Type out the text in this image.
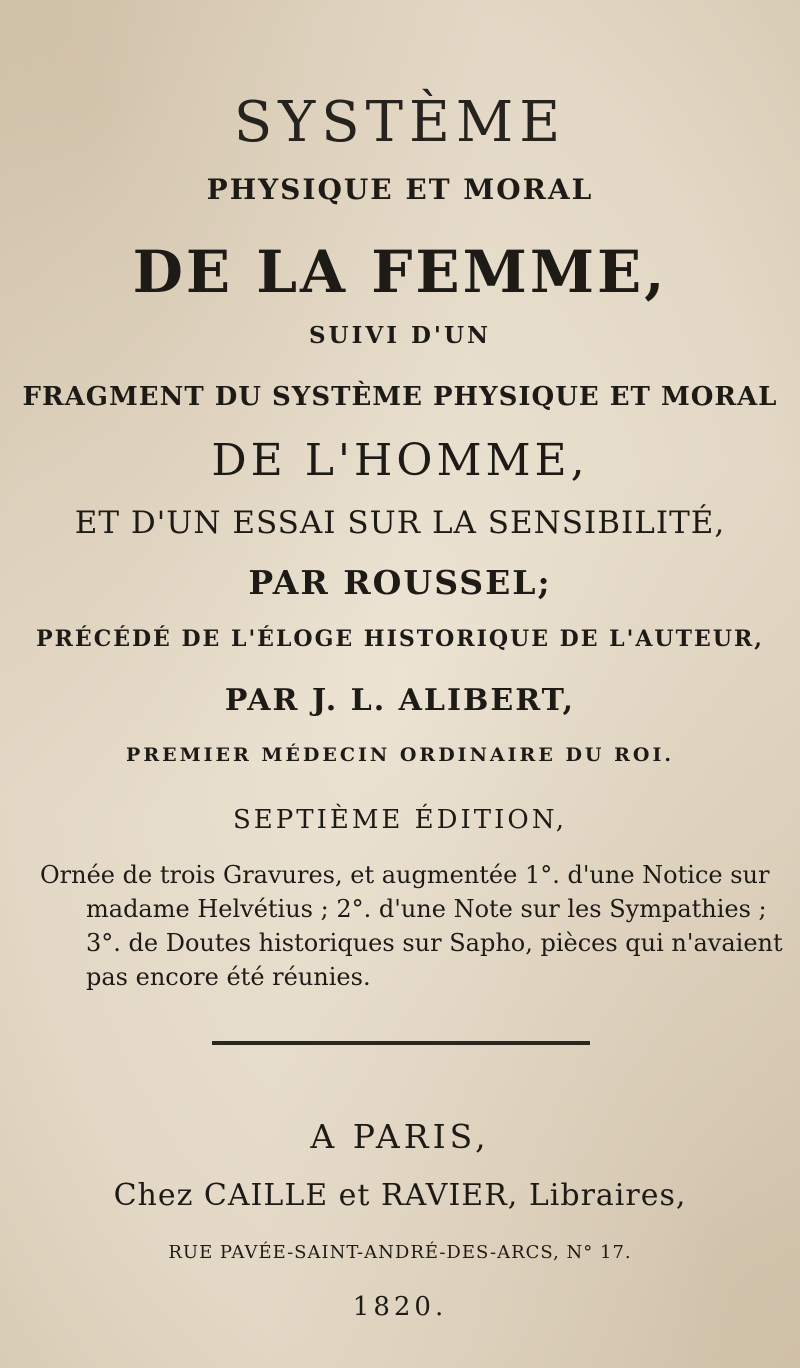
SYSTÈME

PHYSIQUE ET MORAL

DE LA FEMME,

SUIVI D'UN

FRAGMENT DU SYSTÈME PHYSIQUE ET MORAL

DE L'HOMME,

ET D'UN ESSAI SUR LA SENSIBILITÉ,

PAR ROUSSEL;

PRÉCÉDÉ DE L'ÉLOGE HISTORIQUE DE L'AUTEUR,

PAR J. L. ALIBERT,

PREMIER MÉDECIN ORDINAIRE DU ROI.

SEPTIÈME ÉDITION,

Ornée de trois Gravures, et augmentée 1°. d'une Notice sur
madame Helvétius ; 2°. d'une Note sur les Sympathies ;
3°. de Doutes historiques sur Sapho, pièces qui n'avaient
pas encore été réunies.

A PARIS,

Chez CAILLE et RAVIER, Libraires,

RUE PAVÉE-SAINT-ANDRÉ-DES-ARCS, N° 17.

1820.
